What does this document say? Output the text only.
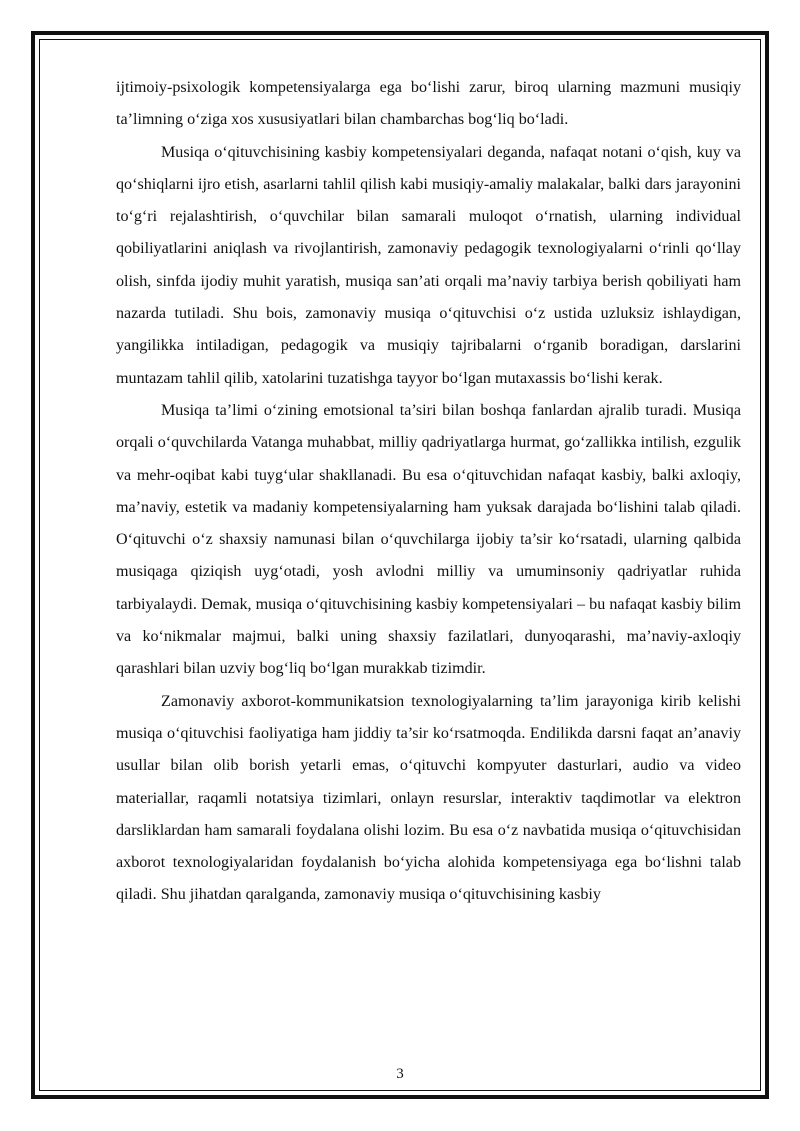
ijtimoiy-psixologik kompetensiyalarga ega bo‘lishi zarur, biroq ularning mazmuni musiqiy ta’limning o‘ziga xos xususiyatlari bilan chambarchas bog‘liq bo‘ladi.

Musiqa o‘qituvchisining kasbiy kompetensiyalari deganda, nafaqat notani o‘qish, kuy va qo‘shiqlarni ijro etish, asarlarni tahlil qilish kabi musiqiy-amaliy malakalar, balki dars jarayonini to‘g‘ri rejalashtirish, o‘quvchilar bilan samarali muloqot o‘rnatish, ularning individual qobiliyatlarini aniqlash va rivojlantirish, zamonaviy pedagogik texnologiyalarni o‘rinli qo‘llay olish, sinfda ijodiy muhit yaratish, musiqa san’ati orqali ma’naviy tarbiya berish qobiliyati ham nazarda tutiladi. Shu bois, zamonaviy musiqa o‘qituvchisi o‘z ustida uzluksiz ishlaydigan, yangilikka intiladigan, pedagogik va musiqiy tajribalarni o‘rganib boradigan, darslarini muntazam tahlil qilib, xatolarini tuzatishga tayyor bo‘lgan mutaxassis bo‘lishi kerak.

Musiqa ta’limi o‘zining emotsional ta’siri bilan boshqa fanlardan ajralib turadi. Musiqa orqali o‘quvchilarda Vatanga muhabbat, milliy qadriyatlarga hurmat, go‘zallikka intilish, ezgulik va mehr-oqibat kabi tuyg‘ular shakllanadi. Bu esa o‘qituvchidan nafaqat kasbiy, balki axloqiy, ma’naviy, estetik va madaniy kompetensiyalarning ham yuksak darajada bo‘lishini talab qiladi. O‘qituvchi o‘z shaxsiy namunasi bilan o‘quvchilarga ijobiy ta’sir ko‘rsatadi, ularning qalbida musiqaga qiziqish uyg‘otadi, yosh avlodni milliy va umuminsoniy qadriyatlar ruhida tarbiyalaydi. Demak, musiqa o‘qituvchisining kasbiy kompetensiyalari – bu nafaqat kasbiy bilim va ko‘nikmalar majmui, balki uning shaxsiy fazilatlari, dunyoqarashi, ma’naviy-axloqiy qarashlari bilan uzviy bog‘liq bo‘lgan murakkab tizimdir.

Zamonaviy axborot-kommunikatsion texnologiyalarning ta’lim jarayoniga kirib kelishi musiqa o‘qituvchisi faoliyatiga ham jiddiy ta’sir ko‘rsatmoqda. Endilikda darsni faqat an’anaviy usullar bilan olib borish yetarli emas, o‘qituvchi kompyuter dasturlari, audio va video materiallar, raqamli notatsiya tizimlari, onlayn resurslar, interaktiv taqdimotlar va elektron darsliklardan ham samarali foydalana olishi lozim. Bu esa o‘z navbatida musiqa o‘qituvchisidan axborot texnologiyalaridan foydalanish bo‘yicha alohida kompetensiyaga ega bo‘lishni talab qiladi. Shu jihatdan qaralganda, zamonaviy musiqa o‘qituvchisining kasbiy

3
